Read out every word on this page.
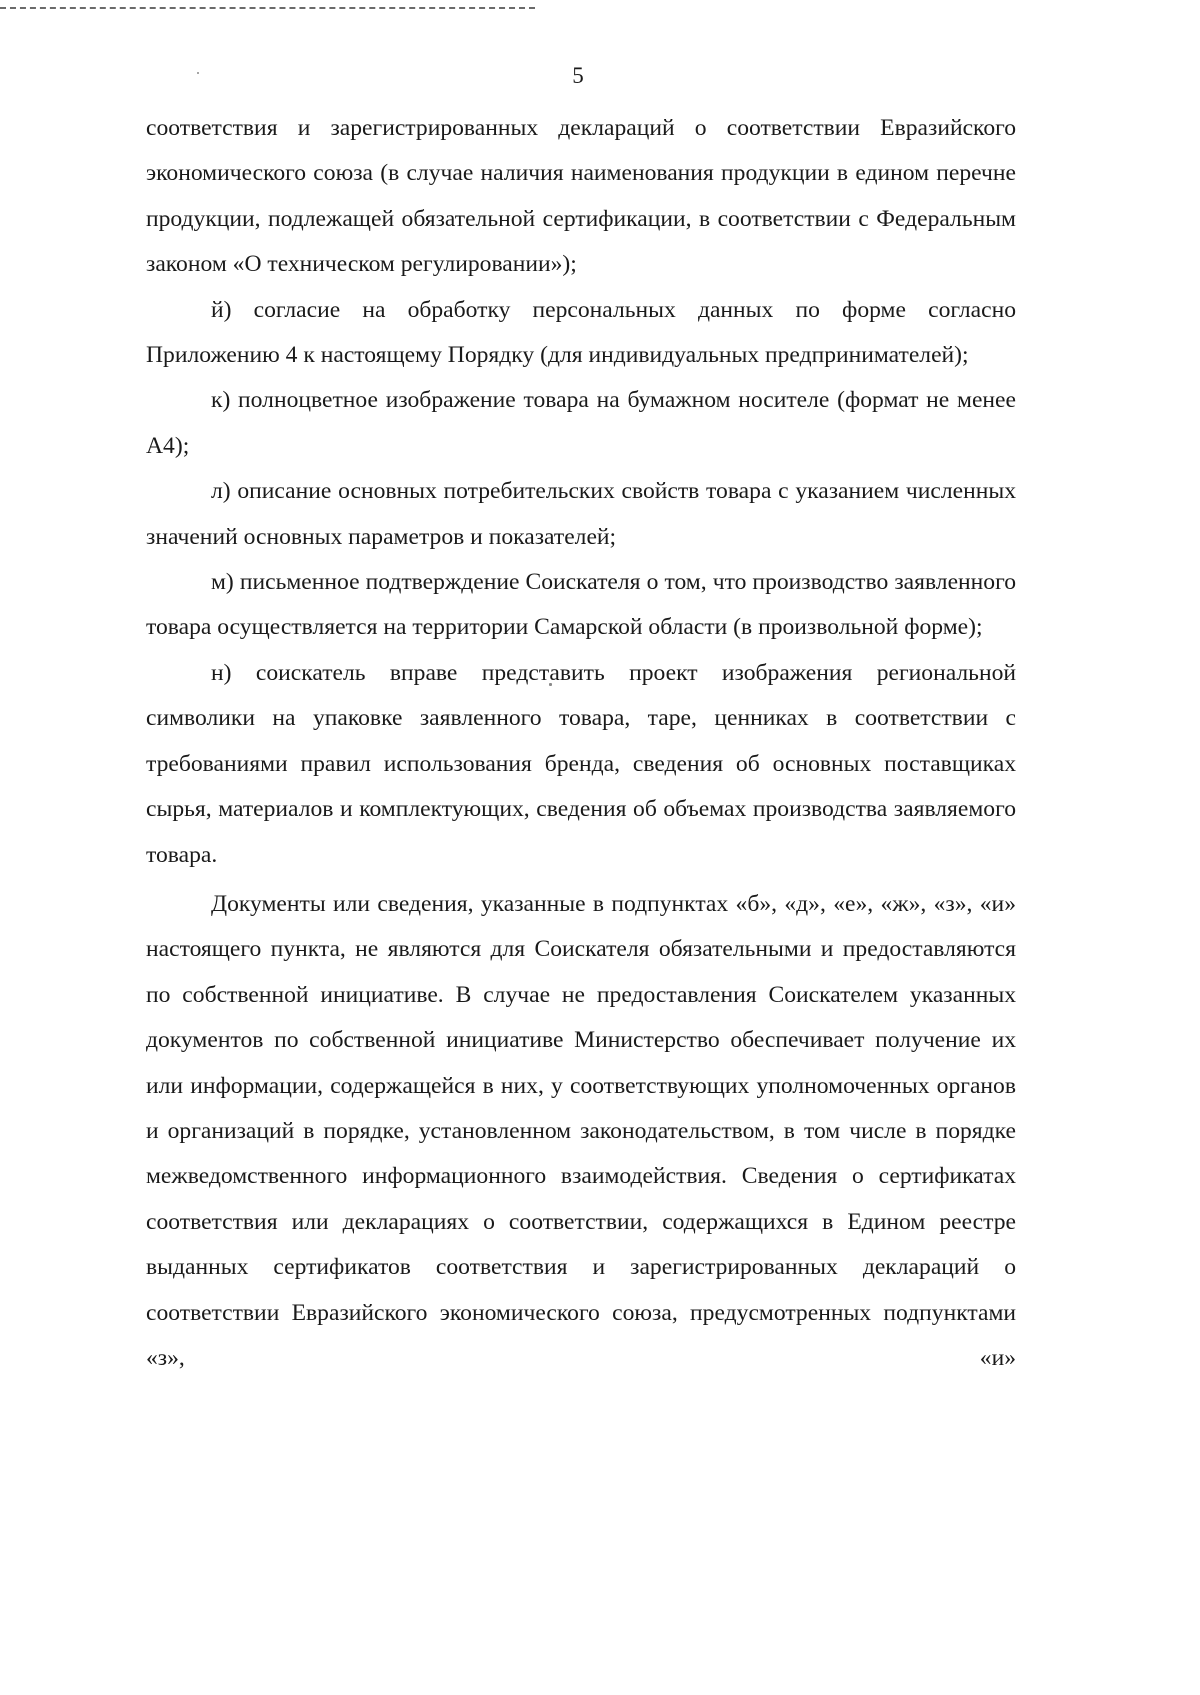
5

соответствия и зарегистрированных деклараций о соответствии Евразийского экономического союза (в случае наличия наименования продукции в едином перечне продукции, подлежащей обязательной сертификации, в соответствии с Федеральным законом «О техническом регулировании»);

й) согласие на обработку персональных данных по форме согласно Приложению 4 к настоящему Порядку (для индивидуальных предпринимателей);

к) полноцветное изображение товара на бумажном носителе (формат не менее А4);

л) описание основных потребительских свойств товара с указанием численных значений основных параметров и показателей;

м) письменное подтверждение Соискателя о том, что производство заявленного товара осуществляется на территории Самарской области (в произвольной форме);

н) соискатель вправе представить проект изображения региональной символики на упаковке заявленного товара, таре, ценниках в соответствии с требованиями правил использования бренда, сведения об основных поставщиках сырья, материалов и комплектующих, сведения об объемах производства заявляемого товара.

Документы или сведения, указанные в подпунктах «б», «д», «е», «ж», «з», «и» настоящего пункта, не являются для Соискателя обязательными и предоставляются по собственной инициативе. В случае не предоставления Соискателем указанных документов по собственной инициативе Министерство обеспечивает получение их или информации, содержащейся в них, у соответствующих уполномоченных органов и организаций в порядке, установленном законодательством, в том числе в порядке межведомственного информационного взаимодействия. Сведения о сертификатах соответствия или декларациях о соответствии, содержащихся в Едином реестре выданных сертификатов соответствия и зарегистрированных деклараций о соответствии Евразийского экономического союза, предусмотренных подпунктами «з», «и»
